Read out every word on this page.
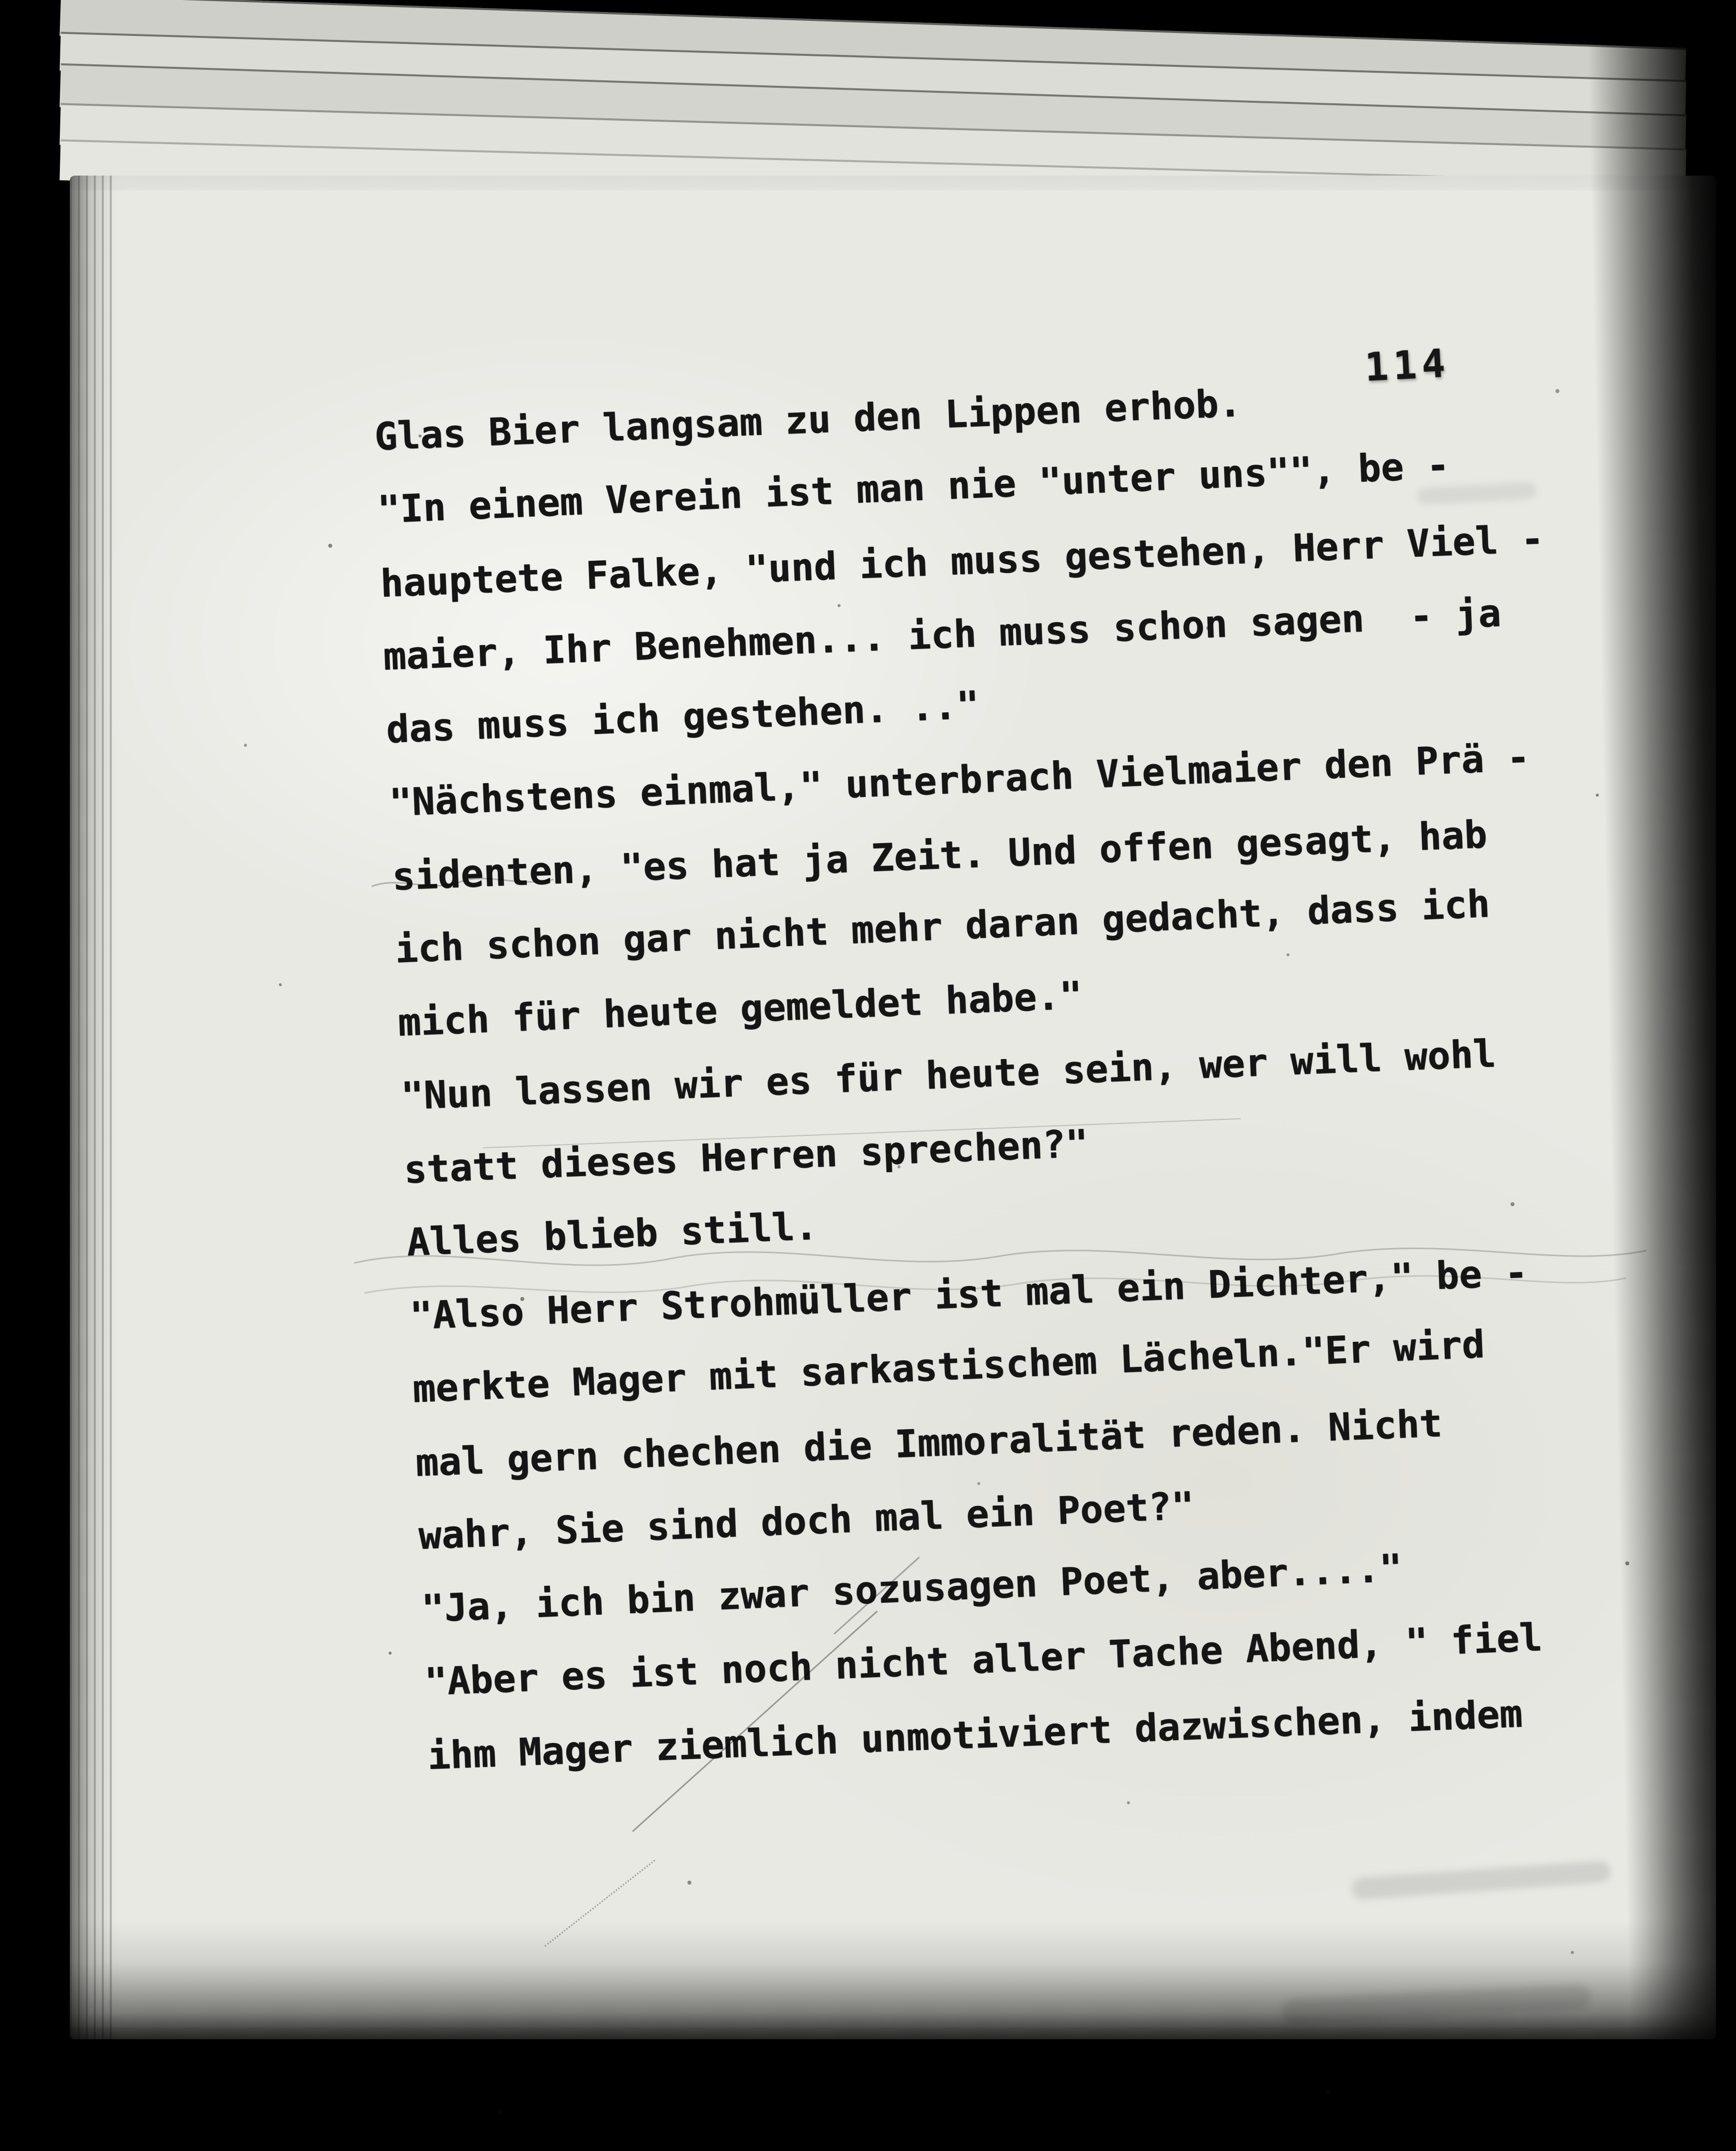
114
Glas Bier langsam zu den Lippen erhob.
"In einem Verein ist man nie "unter uns"", be -
hauptete Falke, "und ich muss gestehen, Herr Viel -
maier, Ihr Benehmen... ich muss schon sagen  - ja
das muss ich gestehen. .."
"Nächstens einmal," unterbrach Vielmaier den Prä -
sidenten, "es hat ja Zeit. Und offen gesagt, hab
ich schon gar nicht mehr daran gedacht, dass ich
mich für heute gemeldet habe."
"Nun lassen wir es für heute sein, wer will wohl
statt dieses Herren sprechen?"
Alles blieb still.
"Also Herr Strohmüller ist mal ein Dichter," be -
merkte Mager mit sarkastischem Lächeln."Er wird
mal gern chechen die Immoralität reden. Nicht
wahr, Sie sind doch mal ein Poet?"
"Ja, ich bin zwar sozusagen Poet, aber...."
"Aber es ist noch nicht aller Tache Abend, " fiel
ihm Mager ziemlich unmotiviert dazwischen, indem
